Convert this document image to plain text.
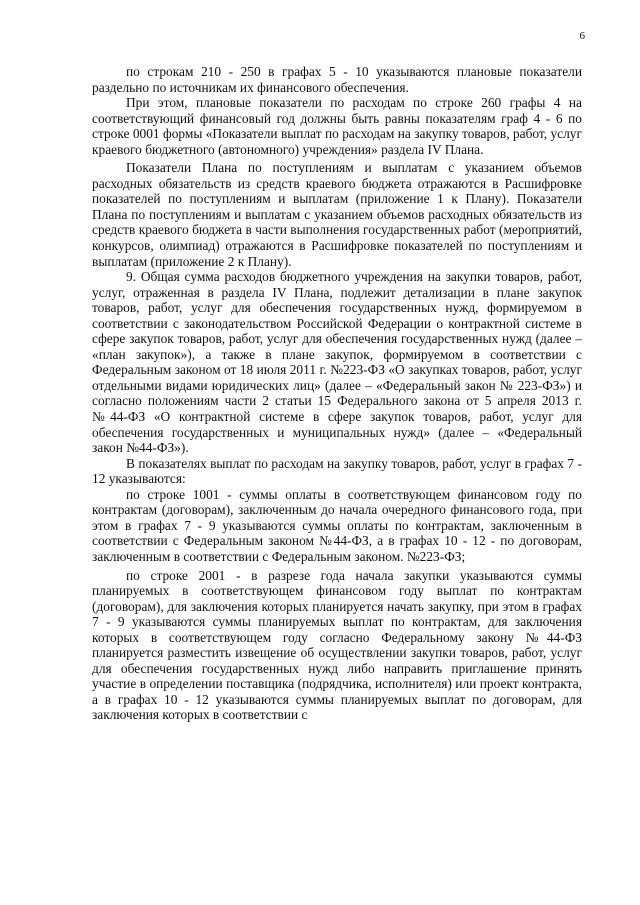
6

по строкам 210 - 250 в графах 5 - 10 указываются плановые показатели раздельно по источникам их финансового обеспечения.

При этом, плановые показатели по расходам по строке 260 графы 4 на соответствующий финансовый год должны быть равны показателям граф 4 - 6 по строке 0001 формы «Показатели выплат по расходам на закупку товаров, работ, услуг краевого бюджетного (автономного) учреждения» раздела IV Плана.

Показатели Плана по поступлениям и выплатам с указанием объемов расходных обязательств из средств краевого бюджета отражаются в Расшифровке показателей по поступлениям и выплатам (приложение 1 к Плану). Показатели Плана по поступлениям и выплатам с указанием объемов расходных обязательств из средств краевого бюджета в части выполнения государственных работ (мероприятий, конкурсов, олимпиад) отражаются в Расшифровке показателей по поступлениям и выплатам (приложение 2 к Плану).

9. Общая сумма расходов бюджетного учреждения на закупки товаров, работ, услуг, отраженная в раздела IV Плана, подлежит детализации в плане закупок товаров, работ, услуг для обеспечения государственных нужд, формируемом в соответствии с законодательством Российской Федерации о контрактной системе в сфере закупок товаров, работ, услуг для обеспечения государственных нужд (далее – «план закупок»), а также в плане закупок, формируемом в соответствии с Федеральным законом от 18 июля 2011 г. №223-ФЗ «О закупках товаров, работ, услуг отдельными видами юридических лиц» (далее – «Федеральный закон № 223-ФЗ») и согласно положениям части 2 статьи 15 Федерального закона от 5 апреля 2013 г. №44-ФЗ «О контрактной системе в сфере закупок товаров, работ, услуг для обеспечения государственных и муниципальных нужд» (далее – «Федеральный закон №44-ФЗ»).

В показателях выплат по расходам на закупку товаров, работ, услуг в графах 7 - 12 указываются:

по строке 1001 - суммы оплаты в соответствующем финансовом году по контрактам (договорам), заключенным до начала очередного финансового года, при этом в графах 7 - 9 указываются суммы оплаты по контрактам, заключенным в соответствии с Федеральным законом №44-ФЗ, а в графах 10 - 12 - по договорам, заключенным в соответствии с Федеральным законом. №223-ФЗ;

по строке 2001 - в разрезе года начала закупки указываются суммы планируемых в соответствующем финансовом году выплат по контрактам (договорам), для заключения которых планируется начать закупку, при этом в графах 7 - 9 указываются суммы планируемых выплат по контрактам, для заключения которых в соответствующем году согласно Федеральному закону №44-ФЗ планируется разместить извещение об осуществлении закупки товаров, работ, услуг для обеспечения государственных нужд либо направить приглашение принять участие в определении поставщика (подрядчика, исполнителя) или проект контракта, а в графах 10 - 12 указываются суммы планируемых выплат по договорам, для заключения которых в соответствии с
